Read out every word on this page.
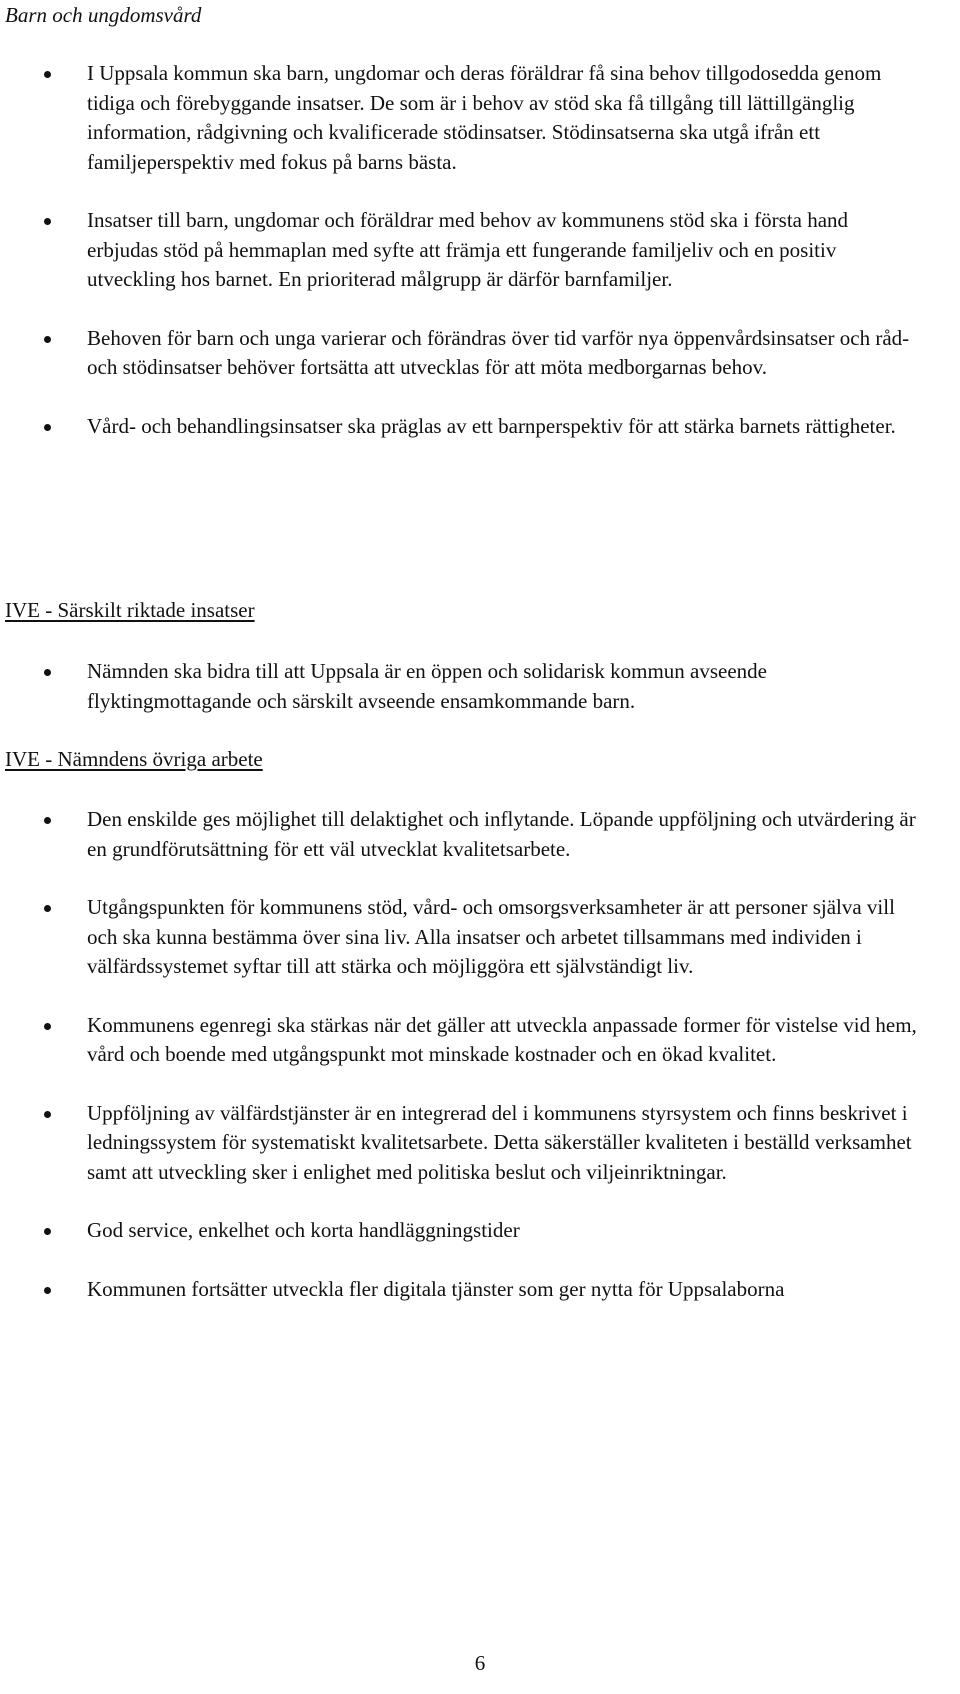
Barn och ungdomsvård
I Uppsala kommun ska barn, ungdomar och deras föräldrar få sina behov tillgodosedda genom tidiga och förebyggande insatser. De som är i behov av stöd ska få tillgång till lättillgänglig information, rådgivning och kvalificerade stödinsatser. Stödinsatserna ska utgå ifrån ett familjeperspektiv med fokus på barns bästa.
Insatser till barn, ungdomar och föräldrar med behov av kommunens stöd ska i första hand erbjudas stöd på hemmaplan med syfte att främja ett fungerande familjeliv och en positiv utveckling hos barnet. En prioriterad målgrupp är därför barnfamiljer.
Behoven för barn och unga varierar och förändras över tid varför nya öppenvårdsinsatser och råd- och stödinsatser behöver fortsätta att utvecklas för att möta medborgarnas behov.
Vård- och behandlingsinsatser ska präglas av ett barnperspektiv för att stärka barnets rättigheter.
IVE - Särskilt riktade insatser
Nämnden ska bidra till att Uppsala är en öppen och solidarisk kommun avseende flyktingmottagande och särskilt avseende ensamkommande barn.
IVE - Nämndens övriga arbete
Den enskilde ges möjlighet till delaktighet och inflytande. Löpande uppföljning och utvärdering är en grundförutsättning för ett väl utvecklat kvalitetsarbete.
Utgångspunkten för kommunens stöd, vård- och omsorgsverksamheter är att personer själva vill och ska kunna bestämma över sina liv. Alla insatser och arbetet tillsammans med individen i välfärdssystemet syftar till att stärka och möjliggöra ett självständigt liv.
Kommunens egenregi ska stärkas när det gäller att utveckla anpassade former för vistelse vid hem, vård och boende med utgångspunkt mot minskade kostnader och en ökad kvalitet.
Uppföljning av välfärdstjänster är en integrerad del i kommunens styrsystem och finns beskrivet i ledningssystem för systematiskt kvalitetsarbete. Detta säkerställer kvaliteten i beställd verksamhet samt att utveckling sker i enlighet med politiska beslut och viljeinriktningar.
God service, enkelhet och korta handläggningstider
Kommunen fortsätter utveckla fler digitala tjänster som ger nytta för Uppsalaborna
6
